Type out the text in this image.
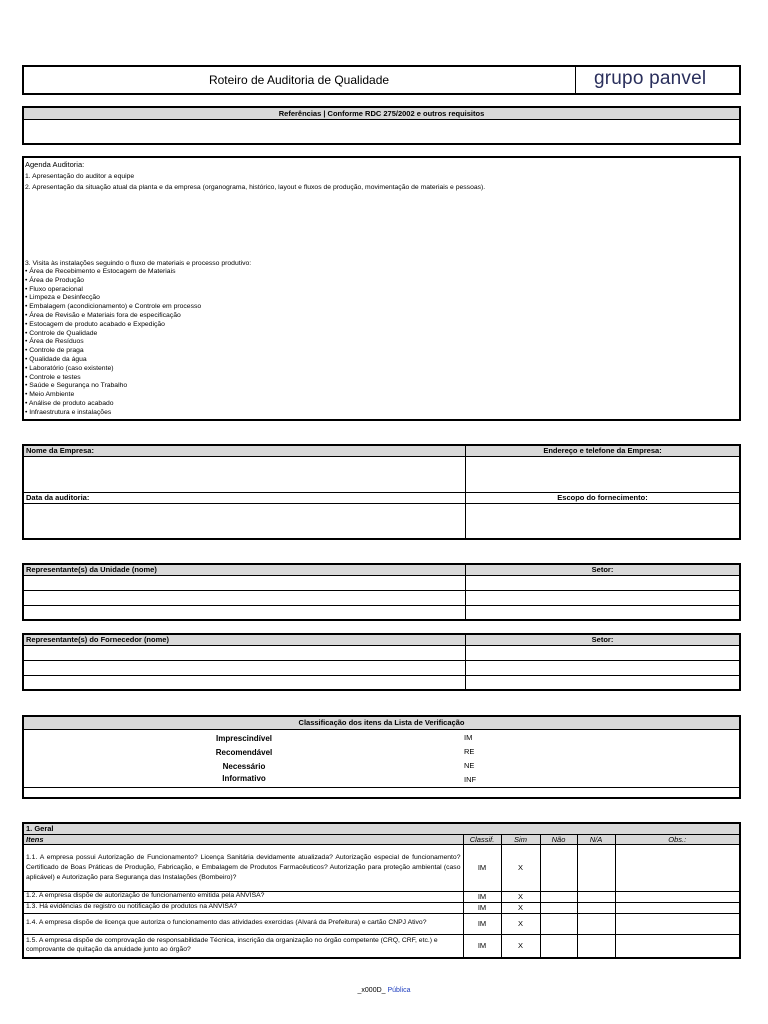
Roteiro de Auditoria de Qualidade	grupo panvel
Referências | Conforme RDC 275/2002 e outros requisitos
Agenda Auditoria:
1. Apresentação do auditor a equipe
2. Apresentação da situação atual da planta e da empresa (organograma, histórico, layout e fluxos de produção, movimentação de materiais e pessoas).
3. Visita às instalações seguindo o fluxo de materiais e processo produtivo:
• Área de Recebimento e Estocagem de Materiais
• Área de Produção
• Fluxo operacional
• Limpeza e Desinfecção
• Embalagem (acondicionamento) e Controle em processo
• Área de Revisão e Materiais fora de especificação
• Estocagem de produto acabado e Expedição
• Controle de Qualidade
• Área de Resíduos
• Controle de praga
• Qualidade da água
• Laboratório (caso existente)
• Controle e testes
• Saúde e Segurança no Trabalho
• Meio Ambiente
• Análise de produto acabado
• Infraestrutura e instalações
Nome da Empresa:	Endereço e telefone da Empresa:

Data da auditoria:	Escopo do fornecimento:

Representante(s) da Unidade (nome)	Setor:

Representante(s) do Fornecedor (nome)	Setor:

Classificação dos itens da Lista de Verificação
Imprescindível	IM
Recomendável	RE
Necessário	NE
Informativo	INF
1. Geral					
Itens	Classif.	Sim	Não	N/A	Obs.:
1.1. A empresa possui Autorização de Funcionamento? Licença Sanitária devidamente atualizada? Autorização especial de funcionamento? Certificado de Boas Práticas de Produção, Fabricação, e Embalagem de Produtos Farmacêuticos? Autorização para proteção ambiental (caso aplicável) e Autorização para Segurança das Instalações (Bombeiro)?	IM	X			
1.2. A empresa dispõe de autorização de funcionamento emitida pela ANVISA?	IM	X			
1.3. Há evidências de registro ou notificação de produtos na ANVISA?	IM	X			
1.4. A empresa dispõe de licença que autoriza o funcionamento das atividades exercidas (Alvará da Prefeitura) e cartão CNPJ Ativo?	IM	X			
1.5. A empresa dispõe de comprovação de responsabilidade Técnica, inscrição da organização no órgão competente (CRQ, CRF, etc.) e comprovante de quitação da anuidade junto ao órgão?	IM	X			
_x000D_ Pública
